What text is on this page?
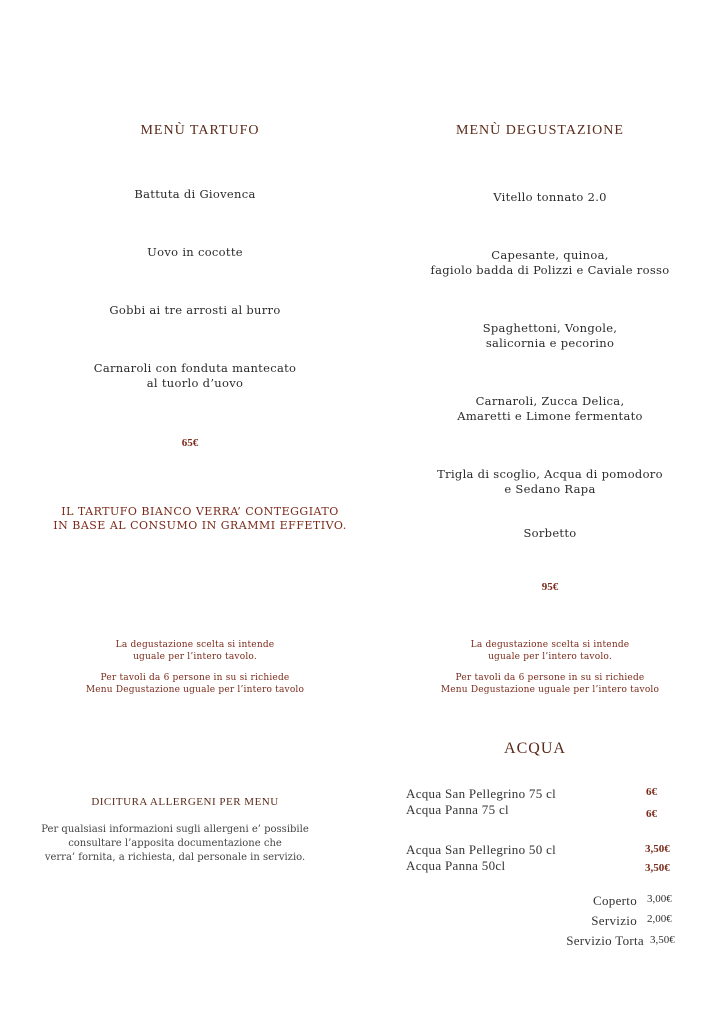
MENÙ TARTUFO
Battuta di Giovenca
Uovo in cocotte
Gobbi ai tre arrosti al burro
Carnaroli con fonduta mantecato
al tuorlo d’uovo
65€
IL TARTUFO BIANCO VERRA’ CONTEGGIATO
IN BASE AL CONSUMO IN GRAMMI EFFETIVO.
La degustazione scelta si intende
uguale per l’intero tavolo.
Per tavoli da 6 persone in su si richiede
Menu Degustazione uguale per l’intero tavolo
MENÙ DEGUSTAZIONE
Vitello tonnato 2.0
Capesante, quinoa,
fagiolo badda di Polizzi e Caviale rosso
Spaghettoni, Vongole,
salicornia e pecorino
Carnaroli, Zucca Delica,
Amaretti e Limone fermentato
Trigla di scoglio, Acqua di pomodoro
e Sedano Rapa
Sorbetto
95€
La degustazione scelta si intende
uguale per l’intero tavolo.
Per tavoli da 6 persone in su si richiede
Menu Degustazione uguale per l’intero tavolo
DICITURA ALLERGENI PER MENU
Per qualsiasi informazioni sugli allergeni e’ possibile
consultare l’apposita documentazione che
verra’ fornita, a richiesta, dal personale in servizio.
ACQUA
Acqua San Pellegrino 75 cl	6€
Acqua Panna 75 cl	6€
Acqua San Pellegrino 50 cl	3,50€
Acqua Panna 50cl	3,50€
Coperto 3,00€
Servizio 2,00€
Servizio Torta 3,50€
